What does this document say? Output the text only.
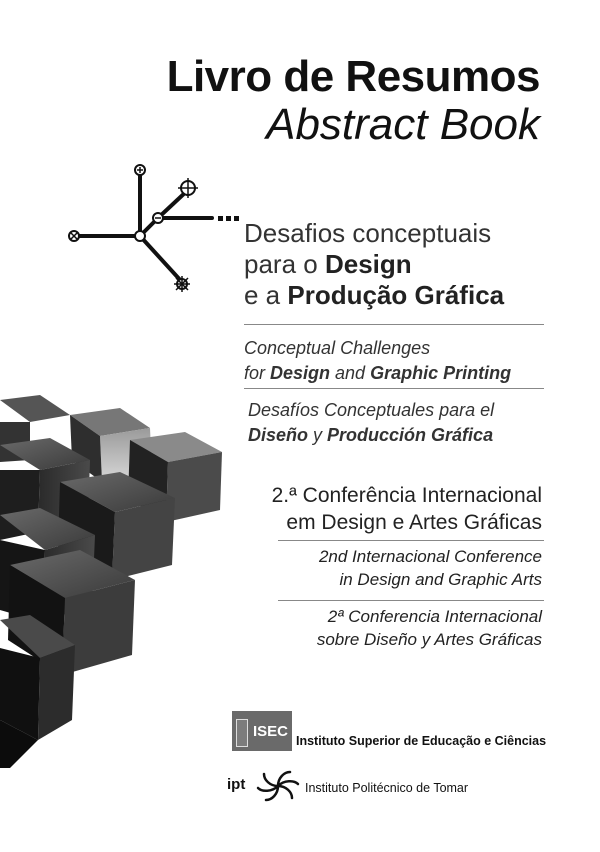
Livro de Resumos
Abstract Book
Desafios conceptuais
para o Design
e a Produção Gráfica
Conceptual Challenges
for Design and Graphic Printing
Desafíos Conceptuales para el
Diseño y Producción Gráfica
2.ª Conferência Internacional
em Design e Artes Gráficas
2nd Internacional Conference
in Design and Graphic Arts
2ª Conferencia Internacional
sobre Diseño y Artes Gráficas
ISEC
Instituto Superior de Educação e Ciências
ipt	Instituto Politécnico de Tomar
